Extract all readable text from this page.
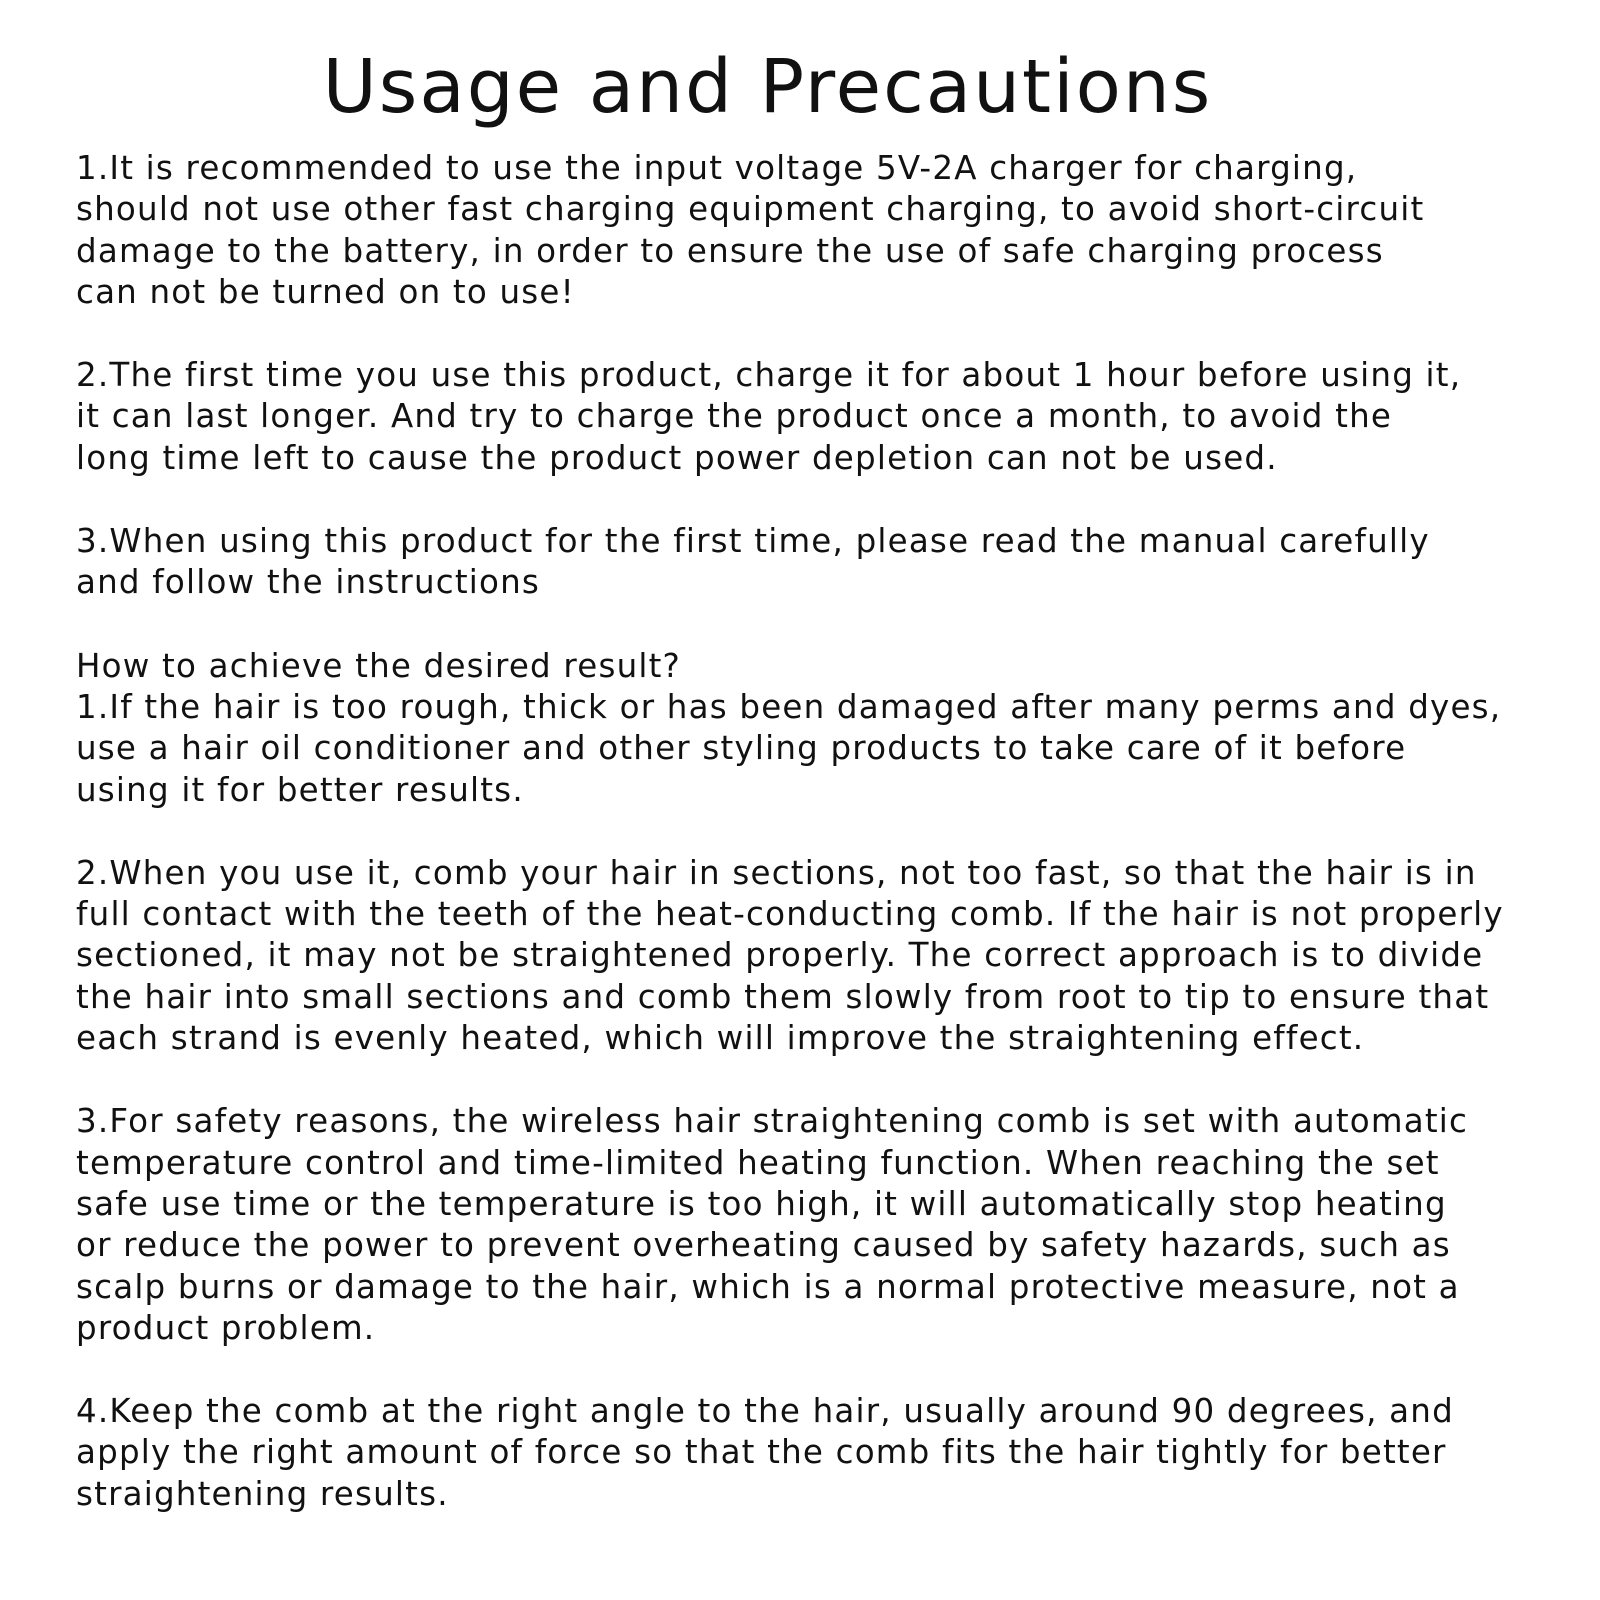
Usage and Precautions
1.It is recommended to use the input voltage 5V-2A charger for charging,
should not use other fast charging equipment charging, to avoid short-circuit
damage to the battery, in order to ensure the use of safe charging process
can not be turned on to use!
2.The first time you use this product, charge it for about 1 hour before using it,
it can last longer. And try to charge the product once a month, to avoid the
long time left to cause the product power depletion can not be used.
3.When using this product for the first time, please read the manual carefully
and follow the instructions
How to achieve the desired result?
1.If the hair is too rough, thick or has been damaged after many perms and dyes,
use a hair oil conditioner and other styling products to take care of it before
using it for better results.
2.When you use it, comb your hair in sections, not too fast, so that the hair is in
full contact with the teeth of the heat-conducting comb. If the hair is not properly
sectioned, it may not be straightened properly. The correct approach is to divide
the hair into small sections and comb them slowly from root to tip to ensure that
each strand is evenly heated, which will improve the straightening effect.
3.For safety reasons, the wireless hair straightening comb is set with automatic
temperature control and time-limited heating function. When reaching the set
safe use time or the temperature is too high, it will automatically stop heating
or reduce the power to prevent overheating caused by safety hazards, such as
scalp burns or damage to the hair, which is a normal protective measure, not a
product problem.
4.Keep the comb at the right angle to the hair, usually around 90 degrees, and
apply the right amount of force so that the comb fits the hair tightly for better
straightening results.
